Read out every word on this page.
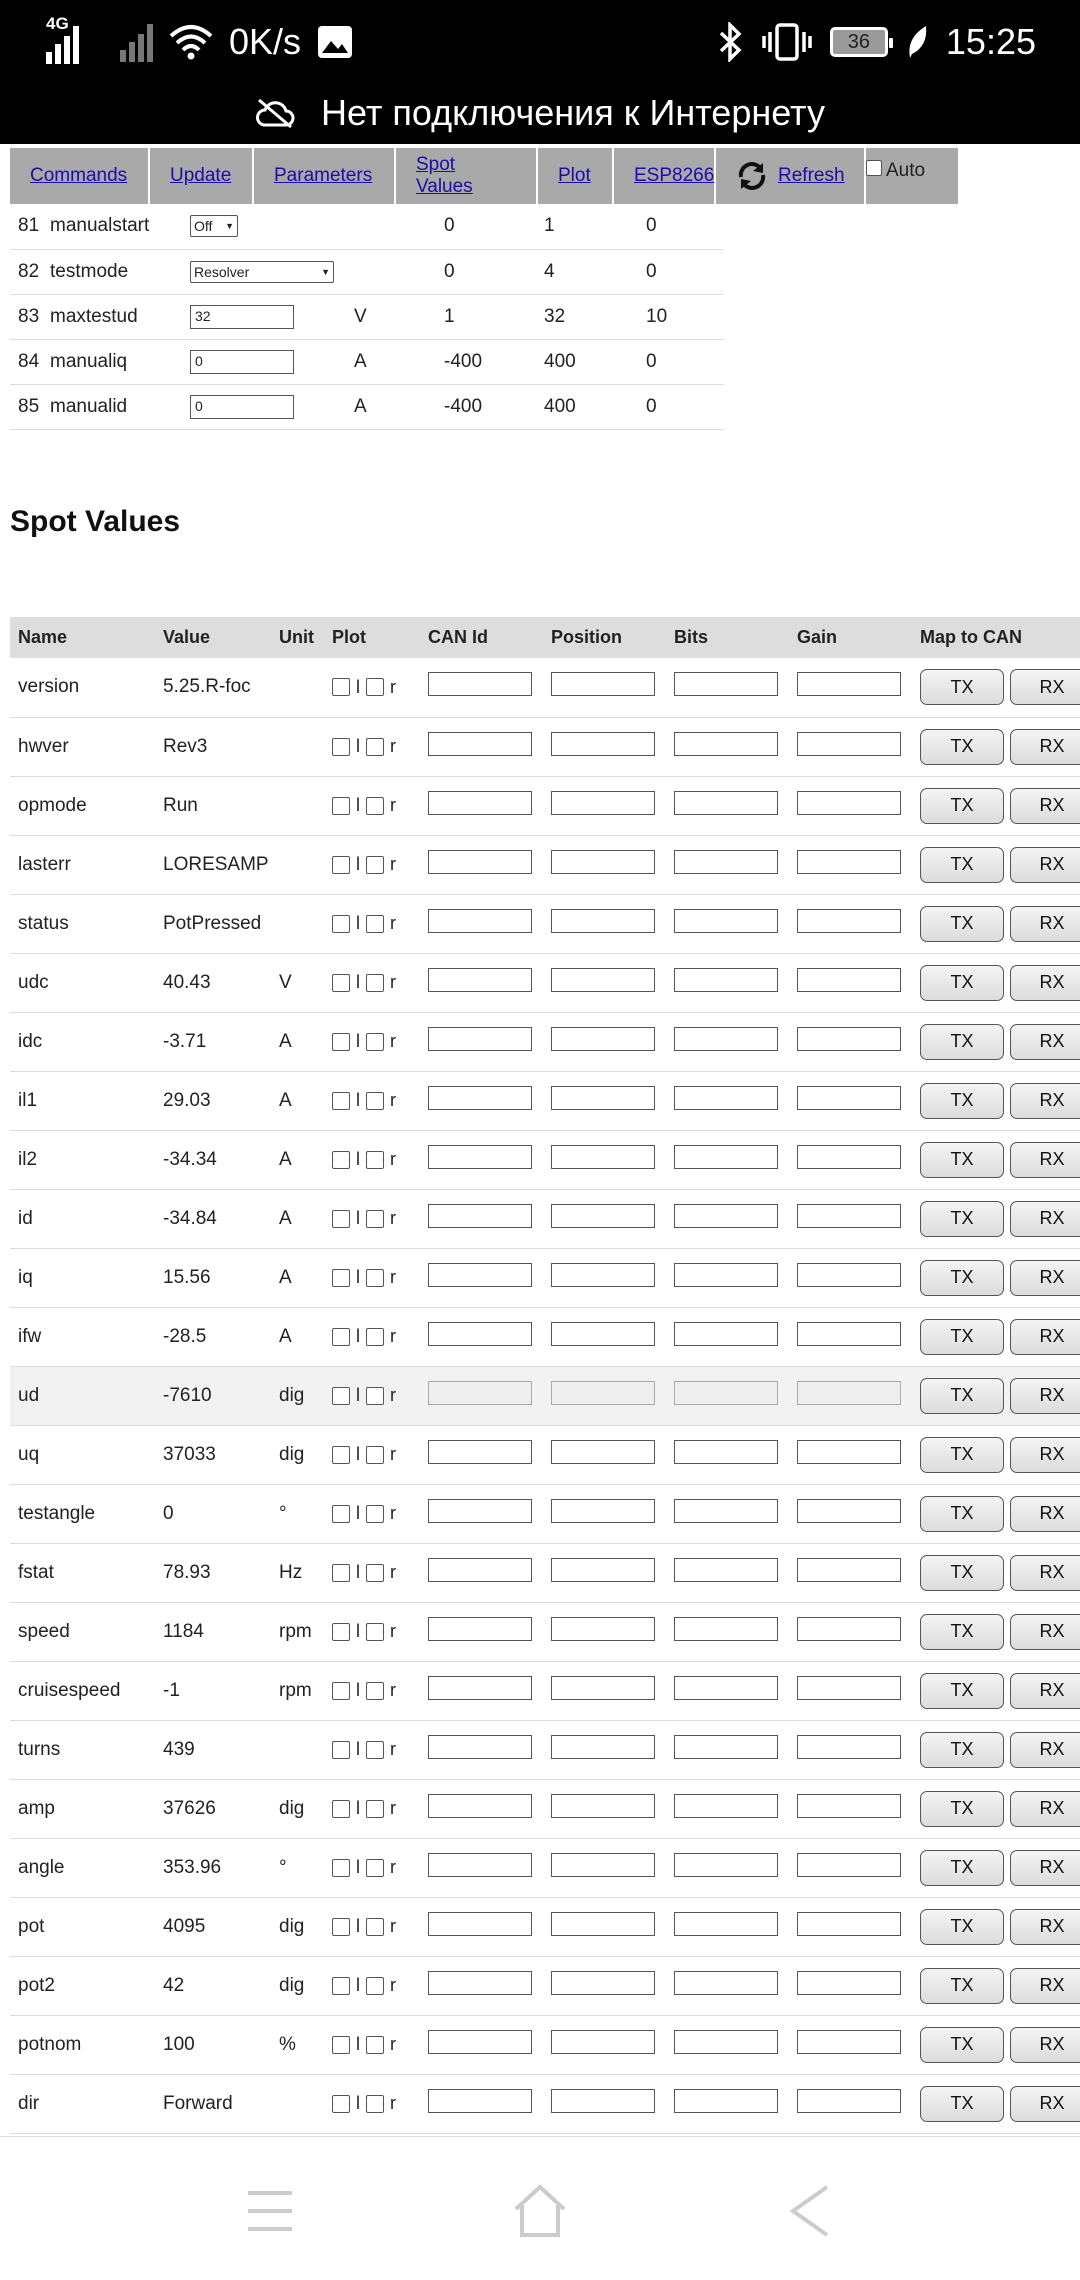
4G	0K/s	36	15:25
Нет подключения к Интернету
Commands	Update	Parameters
Spot Values
Plot	ESP8266	Refresh Auto
81	manualstart	Off ▼		0	1	0
82	testmode	Resolver ▼		0	4	0
83	maxtestud	32	V	1	32	10
84	manualiq	0	A	-400	400	0
85	manualid	0	A	-400	400	0
Spot Values
Name	Value	Unit	Plot	CAN Id	Position	Bits	Gain	Map to CAN
version	5.25.R-foc		l r					TX RX
hwver	Rev3		l r					TX RX
opmode	Run		l r					TX RX
lasterr	LORESAMP		l r					TX RX
status	PotPressed		l r					TX RX
udc	40.43	V	l r					TX RX
idc	-3.71	A	l r					TX RX
il1	29.03	A	l r					TX RX
il2	-34.34	A	l r					TX RX
id	-34.84	A	l r					TX RX
iq	15.56	A	l r					TX RX
ifw	-28.5	A	l r					TX RX
ud	-7610	dig	l r					TX RX
uq	37033	dig	l r					TX RX
testangle	0	°	l r					TX RX
fstat	78.93	Hz	l r					TX RX
speed	1184	rpm	l r					TX RX
cruisespeed	-1	rpm	l r					TX RX
turns	439		l r					TX RX
amp	37626	dig	l r					TX RX
angle	353.96	°	l r					TX RX
pot	4095	dig	l r					TX RX
pot2	42	dig	l r					TX RX
potnom	100	%	l r					TX RX
dir	Forward		l r					TX RX
